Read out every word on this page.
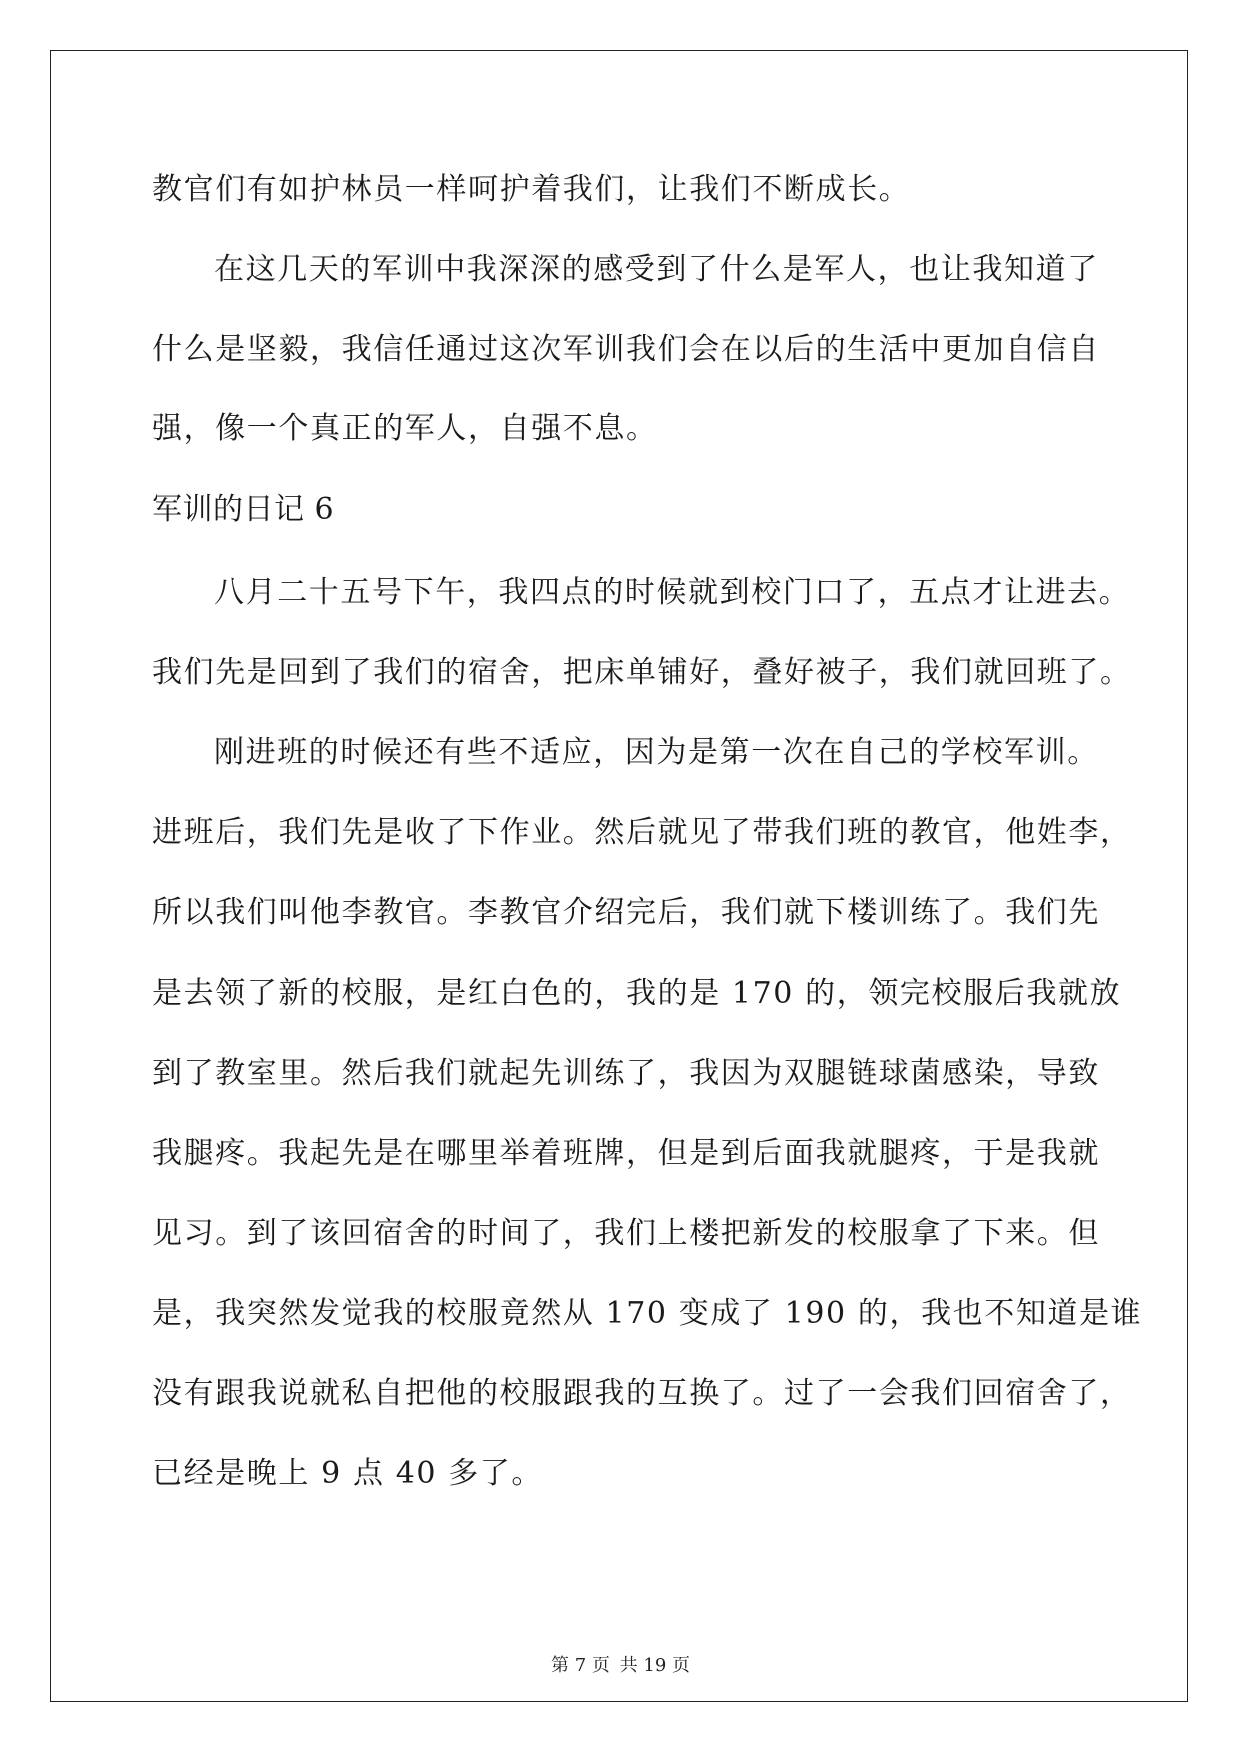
教官们有如护林员一样呵护着我们，让我们不断成长。
在这几天的军训中我深深的感受到了什么是军人，也让我知道了
什么是坚毅，我信任通过这次军训我们会在以后的生活中更加自信自
强，像一个真正的军人，自强不息。
军训的日记 6
八月二十五号下午，我四点的时候就到校门口了，五点才让进去。
我们先是回到了我们的宿舍，把床单铺好，叠好被子，我们就回班了。
刚进班的时候还有些不适应，因为是第一次在自己的学校军训。
进班后，我们先是收了下作业。然后就见了带我们班的教官，他姓李，
所以我们叫他李教官。李教官介绍完后，我们就下楼训练了。我们先
是去领了新的校服，是红白色的，我的是 170 的，领完校服后我就放
到了教室里。然后我们就起先训练了，我因为双腿链球菌感染，导致
我腿疼。我起先是在哪里举着班牌，但是到后面我就腿疼，于是我就
见习。到了该回宿舍的时间了，我们上楼把新发的校服拿了下来。但
是，我突然发觉我的校服竟然从 170 变成了 190 的，我也不知道是谁
没有跟我说就私自把他的校服跟我的互换了。过了一会我们回宿舍了，
已经是晚上 9 点 40 多了。
第 7 页 共 19 页
